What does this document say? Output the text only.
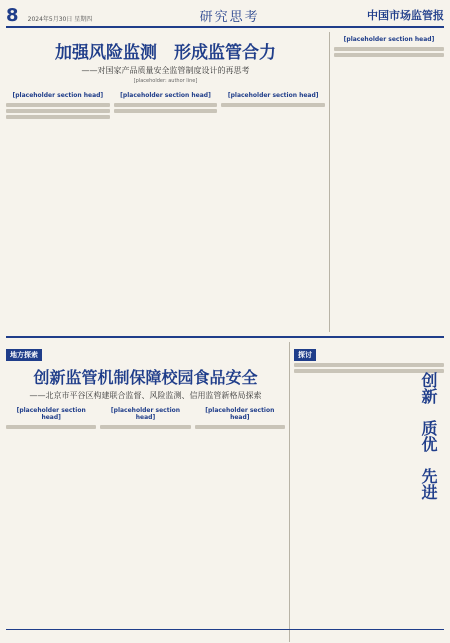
8 2024年5月30日 星期四	研究思考	中国市场监管报
加强风险监测　形成监管合力
——对国家产品质量安全监管制度设计的再思考
[placeholder: author line]
[placeholder section head]	[placeholder section head]	[placeholder section head]
[placeholder section head]
地方探索
创新监管机制保障校园食品安全
——北京市平谷区构建联合监督、风险监测、信用监管新格局探索
[placeholder section head]
[placeholder section head]
[placeholder section head]
探讨
创新　质优　先进
